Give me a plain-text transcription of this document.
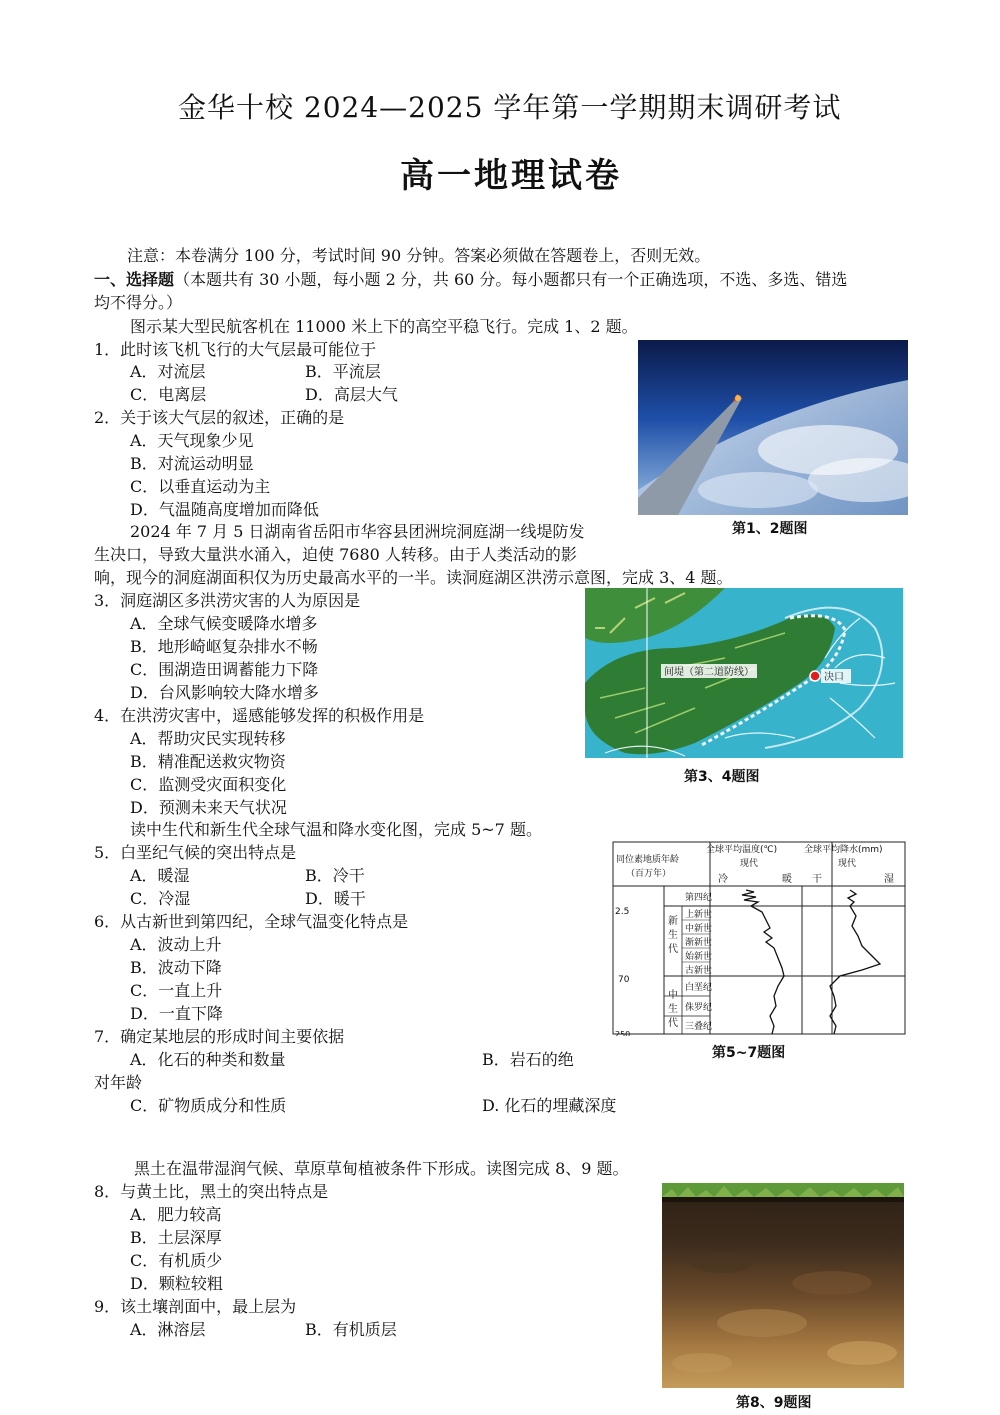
金华十校 2024—2025 学年第一学期期末调研考试
高一地理试卷
注意：本卷满分 100 分，考试时间 90 分钟。答案必须做在答题卷上，否则无效。
一、选择题（本题共有 30 小题，每小题 2 分，共 60 分。每小题都只有一个正确选项，不选、多选、错选
均不得分。）
图示某大型民航客机在 11000 米上下的高空平稳飞行。完成 1、2 题。
1．此时该飞机飞行的大气层最可能位于
A．对流层	B．平流层
C．电离层	D．高层大气
2．关于该大气层的叙述，正确的是
A．天气现象少见
B．对流运动明显
C．以垂直运动为主
D．气温随高度增加而降低
第1、2题图
2024 年 7 月 5 日湖南省岳阳市华容县团洲垸洞庭湖一线堤防发
生决口，导致大量洪水涌入，迫使 7680 人转移。由于人类活动的影
响，现今的洞庭湖面积仅为历史最高水平的一半。读洞庭湖区洪涝示意图，完成 3、4 题。
3．洞庭湖区多洪涝灾害的人为原因是
A．全球气候变暖降水增多
B．地形崎岖复杂排水不畅
C．围湖造田调蓄能力下降
D．台风影响较大降水增多
4．在洪涝灾害中，遥感能够发挥的积极作用是
A．帮助灾民实现转移
B．精准配送救灾物资
C．监测受灾面积变化
D．预测未来天气状况
间堤（第二道防线）	决口
第3、4题图
读中生代和新生代全球气温和降水变化图，完成 5~7 题。
5．白垩纪气候的突出特点是
A．暖湿	B．冷干
C．冷湿	D．暖干
6．从古新世到第四纪，全球气温变化特点是
A．波动上升
B．波动下降
C．一直上升
D．一直下降
7．确定某地层的形成时间主要依据
A．化石的种类和数量	B．岩石的绝
对年龄
C．矿物质成分和性质	D. 化石的埋藏深度
同位素地质年龄
（百万年）
全球平均温度(℃)	全球平均降水(mm)
现代	现代
冷	暖 干	湿
2.5
70
250
新
生
代
中
生
代
第四纪
上新世
中新世
渐新世
始新世
古新世
白垩纪
侏罗纪
三叠纪
第5~7题图
黑土在温带湿润气候、草原草甸植被条件下形成。读图完成 8、9 题。
8．与黄土比，黑土的突出特点是
A．肥力较高
B．土层深厚
C．有机质少
D．颗粒较粗
9．该土壤剖面中，最上层为
A．淋溶层	B．有机质层
第8、9题图
